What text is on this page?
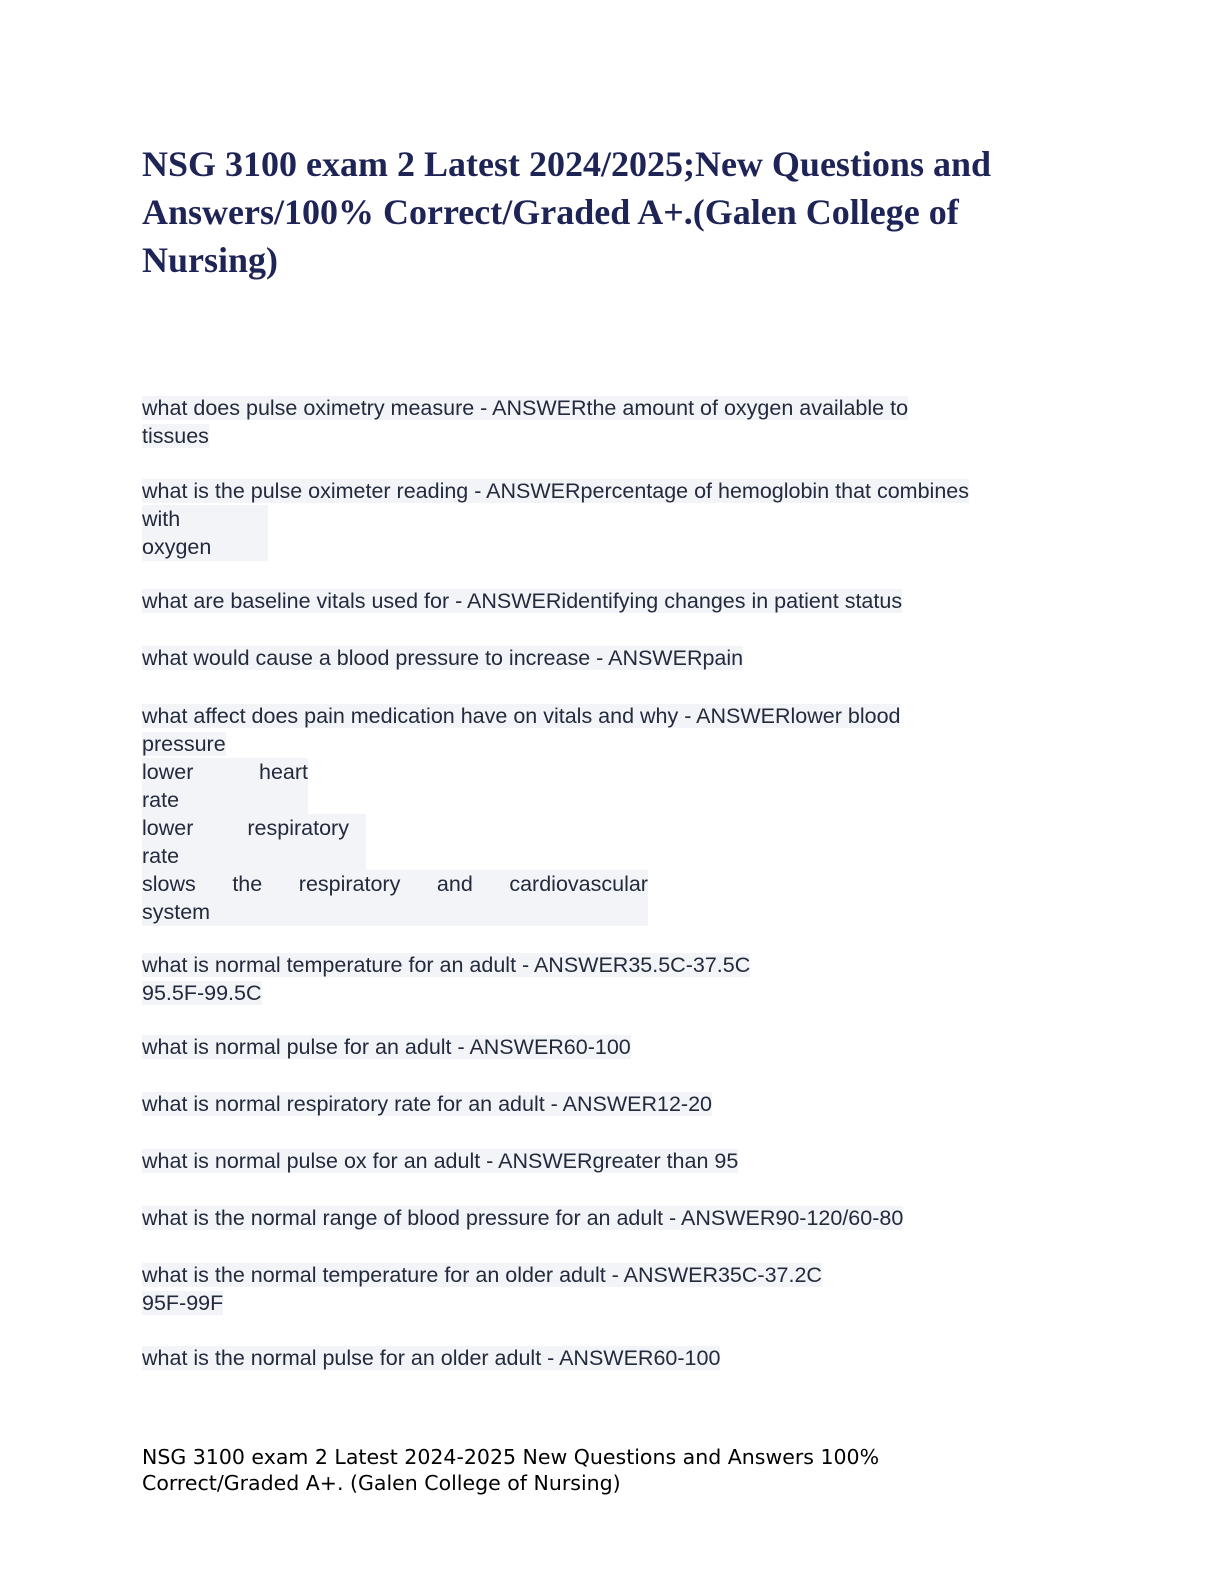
NSG 3100 exam 2 Latest 2024/2025;New Questions and Answers/100% Correct/Graded A+.(Galen College of Nursing)
what does pulse oximetry measure - ANSWERthe amount of oxygen available to
tissues
what is the pulse oximeter reading - ANSWERpercentage of hemoglobin that combines
with
oxygen
what are baseline vitals used for - ANSWERidentifying changes in patient status
what would cause a blood pressure to increase - ANSWERpain
what affect does pain medication have on vitals and why - ANSWERlower blood
pressure
lower	heart
rate

lower	respiratory
rate

slows the respiratory and cardiovascular
system
what is normal temperature for an adult - ANSWER35.5C-37.5C
95.5F-99.5C
what is normal pulse for an adult - ANSWER60-100
what is normal respiratory rate for an adult - ANSWER12-20
what is normal pulse ox for an adult - ANSWERgreater than 95
what is the normal range of blood pressure for an adult - ANSWER90-120/60-80
what is the normal temperature for an older adult - ANSWER35C-37.2C
95F-99F
what is the normal pulse for an older adult - ANSWER60-100

NSG 3100 exam 2 Latest 2024-2025 New Questions and Answers 100% Correct/Graded A+. (Galen College of Nursing)
